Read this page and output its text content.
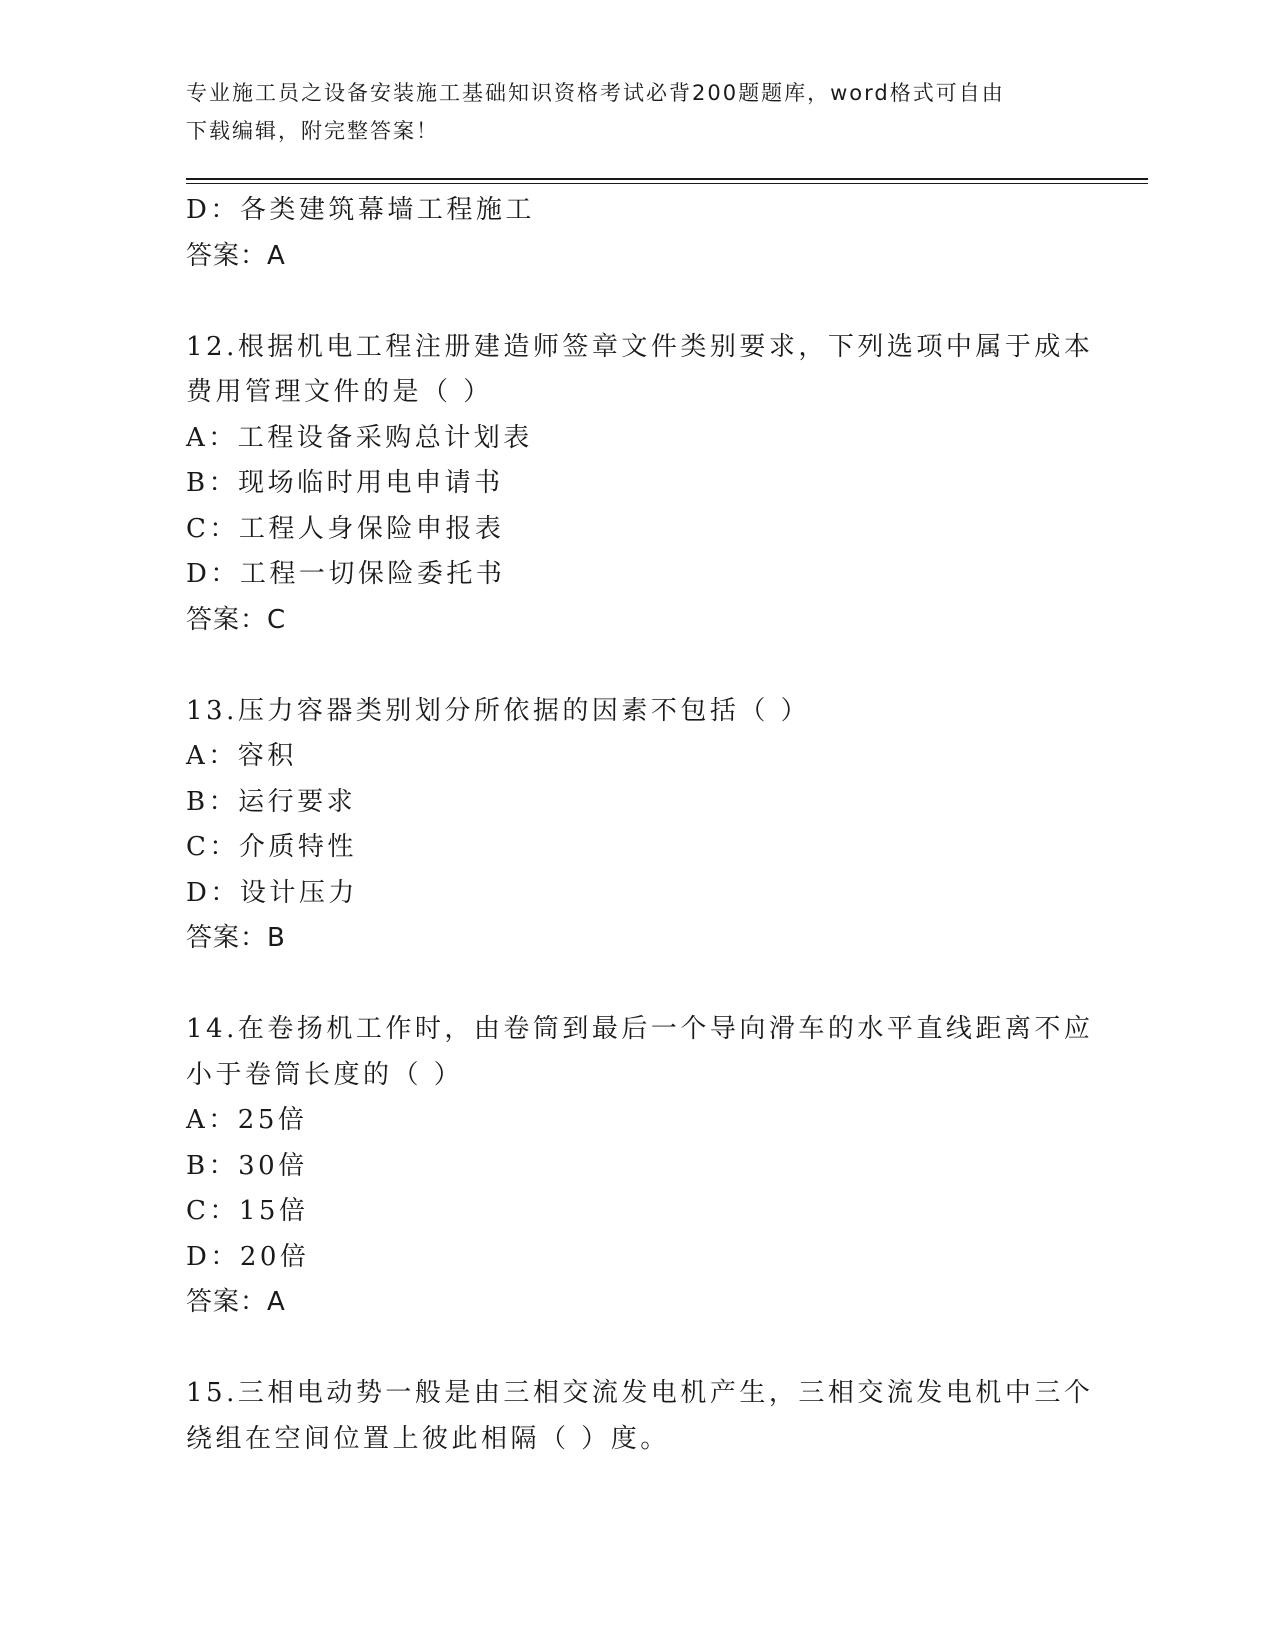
专业施工员之设备安装施工基础知识资格考试必背200题题库，word格式可自由
下载编辑，附完整答案！
D：各类建筑幕墙工程施工
答案：A
12.根据机电工程注册建造师签章文件类别要求，下列选项中属于成本
费用管理文件的是（ ）
A：工程设备采购总计划表
B：现场临时用电申请书
C：工程人身保险申报表
D：工程一切保险委托书
答案：C
13.压力容器类别划分所依据的因素不包括（ ）
A：容积
B：运行要求
C：介质特性
D：设计压力
答案：B
14.在卷扬机工作时，由卷筒到最后一个导向滑车的水平直线距离不应
小于卷筒长度的（ ）
A：25倍
B：30倍
C：15倍
D：20倍
答案：A
15.三相电动势一般是由三相交流发电机产生，三相交流发电机中三个
绕组在空间位置上彼此相隔（ ）度。
